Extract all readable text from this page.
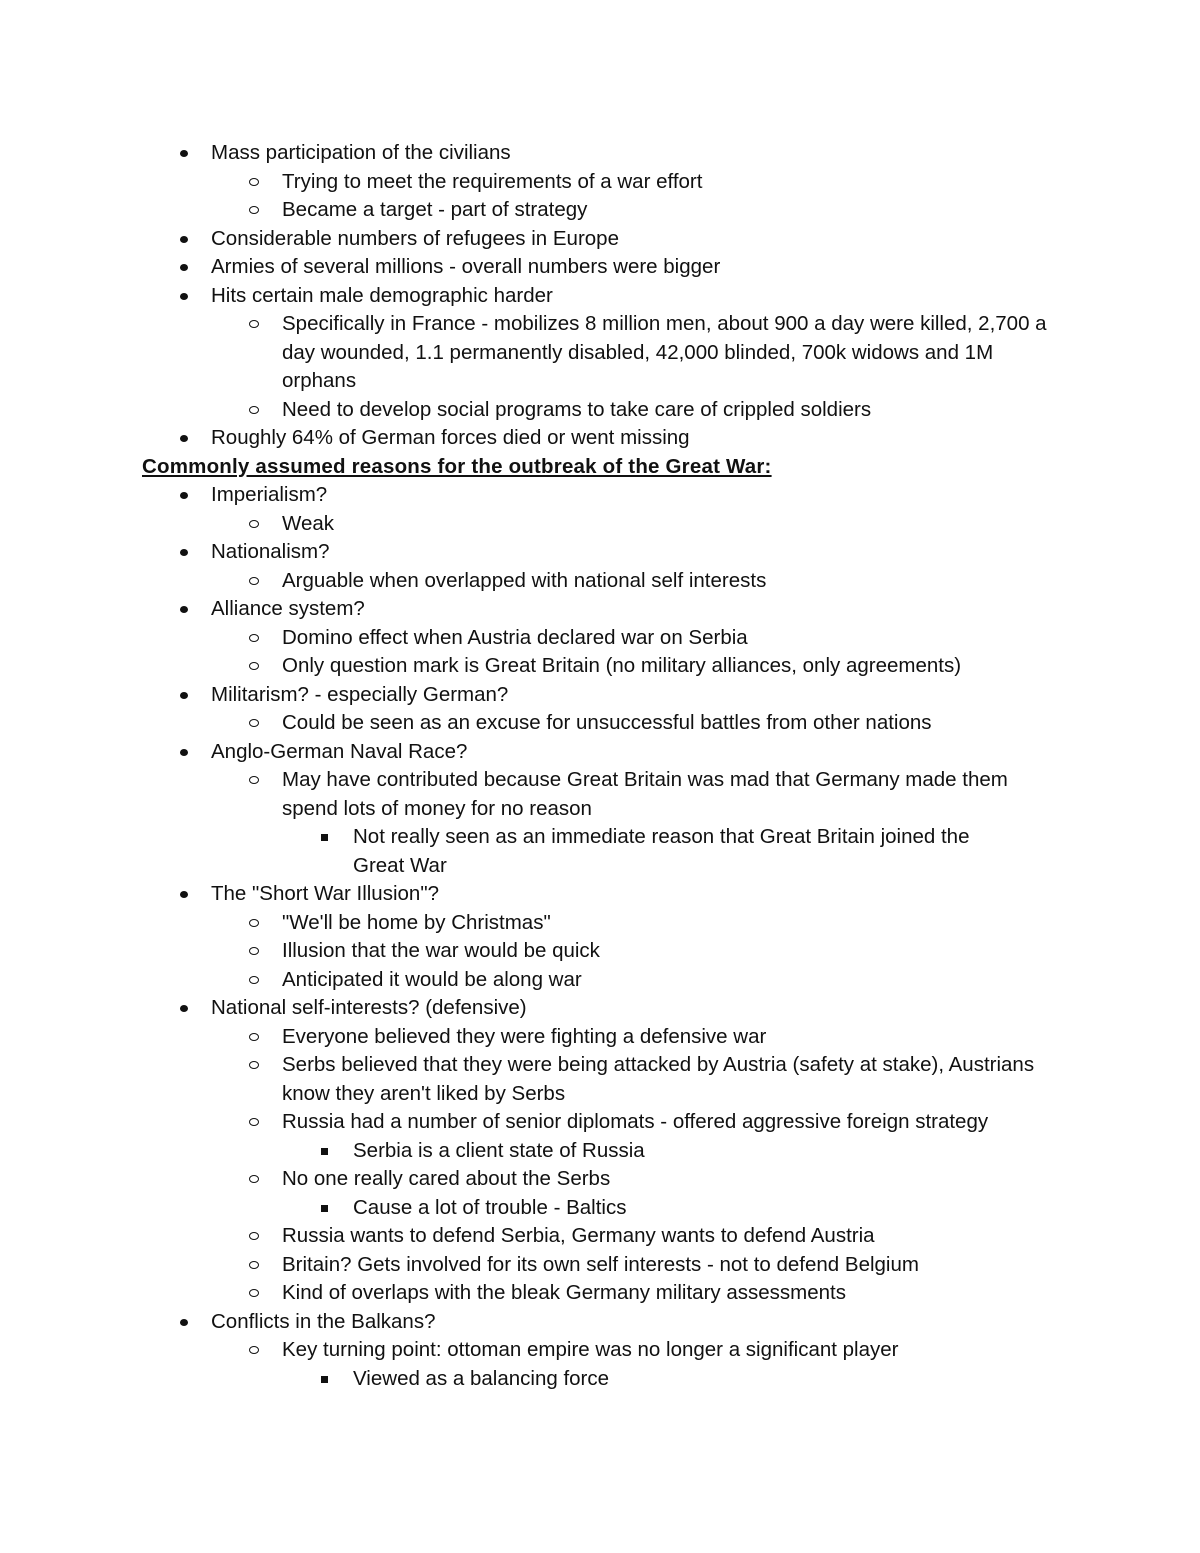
Mass participation of the civilians
Trying to meet the requirements of a war effort
Became a target - part of strategy
Considerable numbers of refugees in Europe
Armies of several millions - overall numbers were bigger
Hits certain male demographic harder
Specifically in France - mobilizes 8 million men, about 900 a day were killed, 2,700 a day wounded, 1.1 permanently disabled, 42,000 blinded, 700k widows and 1M orphans
Need to develop social programs to take care of crippled soldiers
Roughly 64% of German forces died or went missing
Commonly assumed reasons for the outbreak of the Great War:
Imperialism?
Weak
Nationalism?
Arguable when overlapped with national self interests
Alliance system?
Domino effect when Austria declared war on Serbia
Only question mark is Great Britain (no military alliances, only agreements)
Militarism? - especially German?
Could be seen as an excuse for unsuccessful battles from other nations
Anglo-German Naval Race?
May have contributed because Great Britain was mad that Germany made them spend lots of money for no reason
Not really seen as an immediate reason that Great Britain joined the Great War
The "Short War Illusion"?
"We'll be home by Christmas"
Illusion that the war would be quick
Anticipated it would be along war
National self-interests? (defensive)
Everyone believed they were fighting a defensive war
Serbs believed that they were being attacked by Austria (safety at stake), Austrians know they aren't liked by Serbs
Russia had a number of senior diplomats - offered aggressive foreign strategy
Serbia is a client state of Russia
No one really cared about the Serbs
Cause a lot of trouble - Baltics
Russia wants to defend Serbia, Germany wants to defend Austria
Britain? Gets involved for its own self interests - not to defend Belgium
Kind of overlaps with the bleak Germany military assessments
Conflicts in the Balkans?
Key turning point: ottoman empire was no longer a significant player
Viewed as a balancing force
